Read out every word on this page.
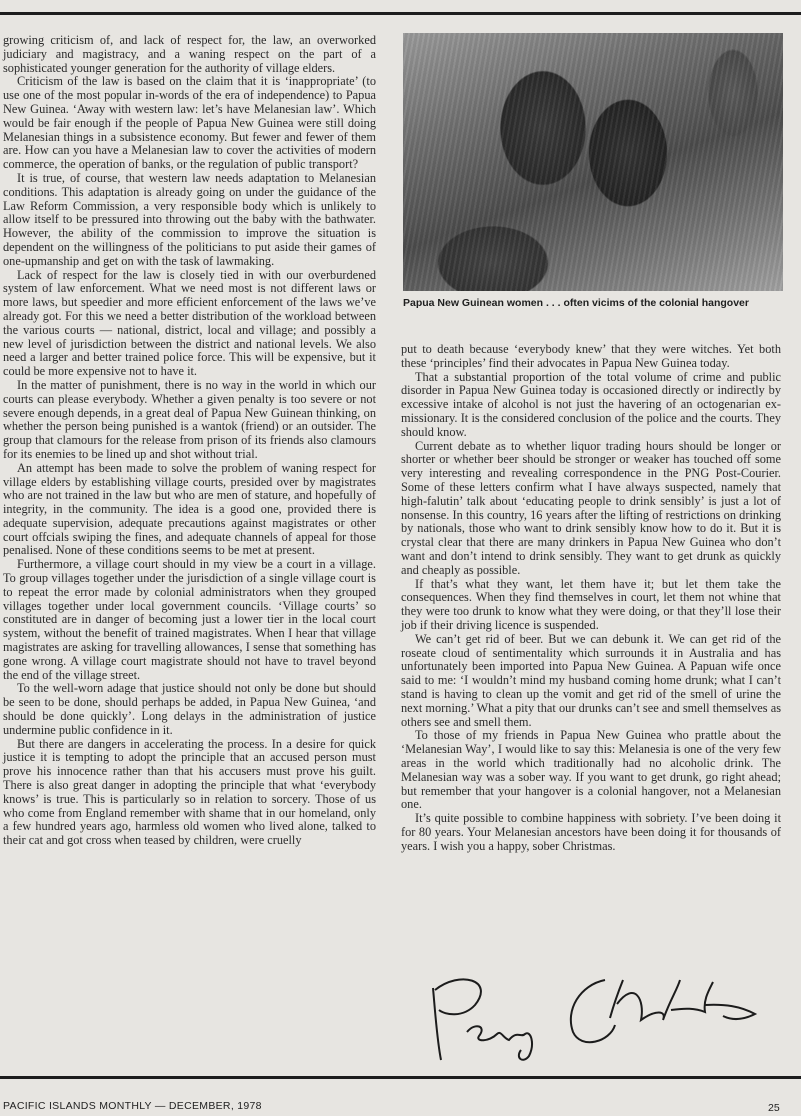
growing criticism of, and lack of respect for, the law, an overworked judiciary and magistracy, and a waning respect on the part of a sophisticated younger generation for the authority of village elders.

Criticism of the law is based on the claim that it is ‘inappropriate’ (to use one of the most popular in-words of the era of independence) to Papua New Guinea. ‘Away with western law: let’s have Melanesian law’. Which would be fair enough if the people of Papua New Guinea were still doing Melanesian things in a subsistence economy. But fewer and fewer of them are. How can you have a Melanesian law to cover the activities of modern commerce, the operation of banks, or the regulation of public transport?

It is true, of course, that western law needs adaptation to Melanesian conditions. This adaptation is already going on under the guidance of the Law Reform Commission, a very responsible body which is unlikely to allow itself to be pressured into throwing out the baby with the bathwater. However, the ability of the commission to improve the situation is dependent on the willingness of the politicians to put aside their games of one-upmanship and get on with the task of lawmaking.

Lack of respect for the law is closely tied in with our overburdened system of law enforcement. What we need most is not different laws or more laws, but speedier and more efficient enforcement of the laws we’ve already got. For this we need a better distribution of the workload between the various courts — national, district, local and village; and possibly a new level of jurisdiction between the district and national levels. We also need a larger and better trained police force. This will be expensive, but it could be more expensive not to have it.

In the matter of punishment, there is no way in the world in which our courts can please everybody. Whether a given penalty is too severe or not severe enough depends, in a great deal of Papua New Guinean thinking, on whether the person being punished is a wantok (friend) or an outsider. The group that clamours for the release from prison of its friends also clamours for its enemies to be lined up and shot without trial.

An attempt has been made to solve the problem of waning respect for village elders by establishing village courts, presided over by magistrates who are not trained in the law but who are men of stature, and hopefully of integrity, in the community. The idea is a good one, provided there is adequate supervision, adequate precautions against magistrates or other court offcials swiping the fines, and adequate channels of appeal for those penalised. None of these conditions seems to be met at present.

Furthermore, a village court should in my view be a court in a village. To group villages together under the jurisdiction of a single village court is to repeat the error made by colonial administrators when they grouped villages together under local government councils. ‘Village courts’ so constituted are in danger of becoming just a lower tier in the local court system, without the benefit of trained magistrates. When I hear that village magistrates are asking for travelling allowances, I sense that something has gone wrong. A village court magistrate should not have to travel beyond the end of the village street.

To the well-worn adage that justice should not only be done but should be seen to be done, should perhaps be added, in Papua New Guinea, ‘and should be done quickly’. Long delays in the administration of justice undermine public confidence in it.

But there are dangers in accelerating the process. In a desire for quick justice it is tempting to adopt the principle that an accused person must prove his innocence rather than that his accusers must prove his guilt. There is also great danger in adopting the principle that what ‘everybody knows’ is true. This is particularly so in relation to sorcery. Those of us who come from England remember with shame that in our homeland, only a few hundred years ago, harmless old women who lived alone, talked to their cat and got cross when teased by children, were cruelly

Papua New Guinean women . . . often vicims of the colonial hangover

put to death because ‘everybody knew’ that they were witches. Yet both these ‘principles’ find their advocates in Papua New Guinea today.

That a substantial proportion of the total volume of crime and public disorder in Papua New Guinea today is occasioned directly or indirectly by excessive intake of alcohol is not just the havering of an octogenarian ex-missionary. It is the considered conclusion of the police and the courts. They should know.

Current debate as to whether liquor trading hours should be longer or shorter or whether beer should be stronger or weaker has touched off some very interesting and revealing correspondence in the PNG Post-Courier. Some of these letters confirm what I have always suspected, namely that high-falutin’ talk about ‘educating people to drink sensibly’ is just a lot of nonsense. In this country, 16 years after the lifting of restrictions on drinking by nationals, those who want to drink sensibly know how to do it. But it is crystal clear that there are many drinkers in Papua New Guinea who don’t want and don’t intend to drink sensibly. They want to get drunk as quickly and cheaply as possible.

If that’s what they want, let them have it; but let them take the consequences. When they find themselves in court, let them not whine that they were too drunk to know what they were doing, or that they’ll lose their job if their driving licence is suspended.

We can’t get rid of beer. But we can debunk it. We can get rid of the roseate cloud of sentimentality which surrounds it in Australia and has unfortunately been imported into Papua New Guinea. A Papuan wife once said to me: ‘I wouldn’t mind my husband coming home drunk; what I can’t stand is having to clean up the vomit and get rid of the smell of urine the next morning.’ What a pity that our drunks can’t see and smell themselves as others see and smell them.

To those of my friends in Papua New Guinea who prattle about the ‘Melanesian Way’, I would like to say this: Melanesia is one of the very few areas in the world which traditionally had no alcoholic drink. The Melanesian way was a sober way. If you want to get drunk, go right ahead; but remember that your hangover is a colonial hangover, not a Melanesian one.

It’s quite possible to combine happiness with sobriety. I’ve been doing it for 80 years. Your Melanesian ancestors have been doing it for thousands of years. I wish you a happy, sober Christmas.

PACIFIC ISLANDS MONTHLY — DECEMBER, 1978	25
